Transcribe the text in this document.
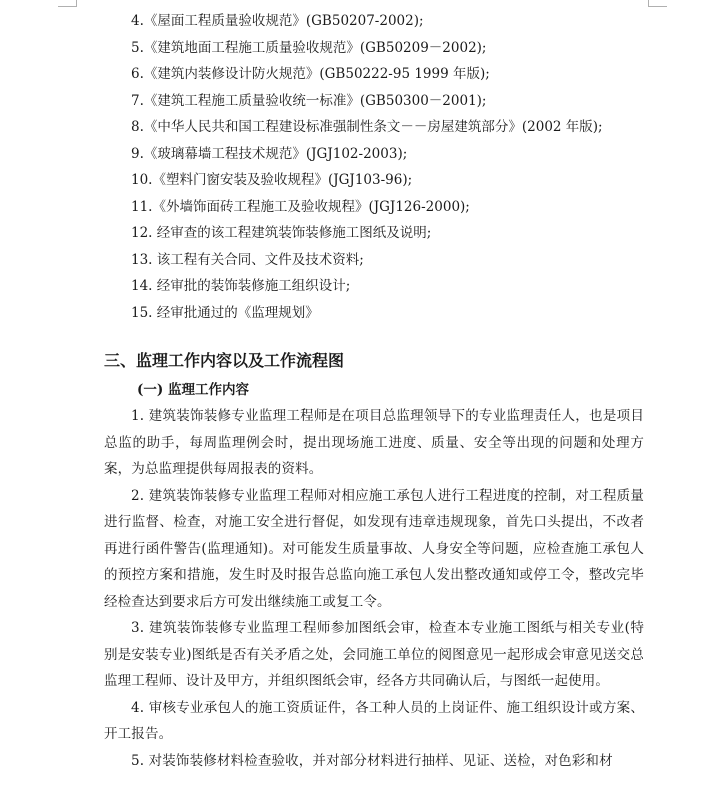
4.《屋面工程质量验收规范》(GB50207-2002);
5.《建筑地面工程施工质量验收规范》(GB50209－2002);
6.《建筑内装修设计防火规范》(GB50222-95 1999 年版);
7.《建筑工程施工质量验收统一标准》(GB50300－2001);
8.《中华人民共和国工程建设标准强制性条文－－房屋建筑部分》(2002 年版);
9.《玻璃幕墙工程技术规范》(JGJ102-2003);
10.《塑料门窗安装及验收规程》(JGJ103-96);
11.《外墙饰面砖工程施工及验收规程》(JGJ126-2000);
12. 经审查的该工程建筑装饰装修施工图纸及说明;
13. 该工程有关合同、文件及技术资料;
14. 经审批的装饰装修施工组织设计;
15. 经审批通过的《监理规划》
三、监理工作内容以及工作流程图
(一) 监理工作内容

1. 建筑装饰装修专业监理工程师是在项目总监理领导下的专业监理责任人，也是项目总监的助手，每周监理例会时，提出现场施工进度、质量、安全等出现的问题和处理方案，为总监理提供每周报表的资料。

2. 建筑装饰装修专业监理工程师对相应施工承包人进行工程进度的控制，对工程质量进行监督、检查，对施工安全进行督促，如发现有违章违规现象，首先口头提出，不改者再进行函件警告(监理通知)。对可能发生质量事故、人身安全等问题，应检查施工承包人的预控方案和措施，发生时及时报告总监向施工承包人发出整改通知或停工令，整改完毕经检查达到要求后方可发出继续施工或复工令。

3. 建筑装饰装修专业监理工程师参加图纸会审，检查本专业施工图纸与相关专业(特别是安装专业)图纸是否有关矛盾之处，会同施工单位的阅图意见一起形成会审意见送交总监理工程师、设计及甲方，并组织图纸会审，经各方共同确认后，与图纸一起使用。

4. 审核专业承包人的施工资质证件，各工种人员的上岗证件、施工组织设计或方案、开工报告。

5. 对装饰装修材料检查验收，并对部分材料进行抽样、见证、送检，对色彩和材
